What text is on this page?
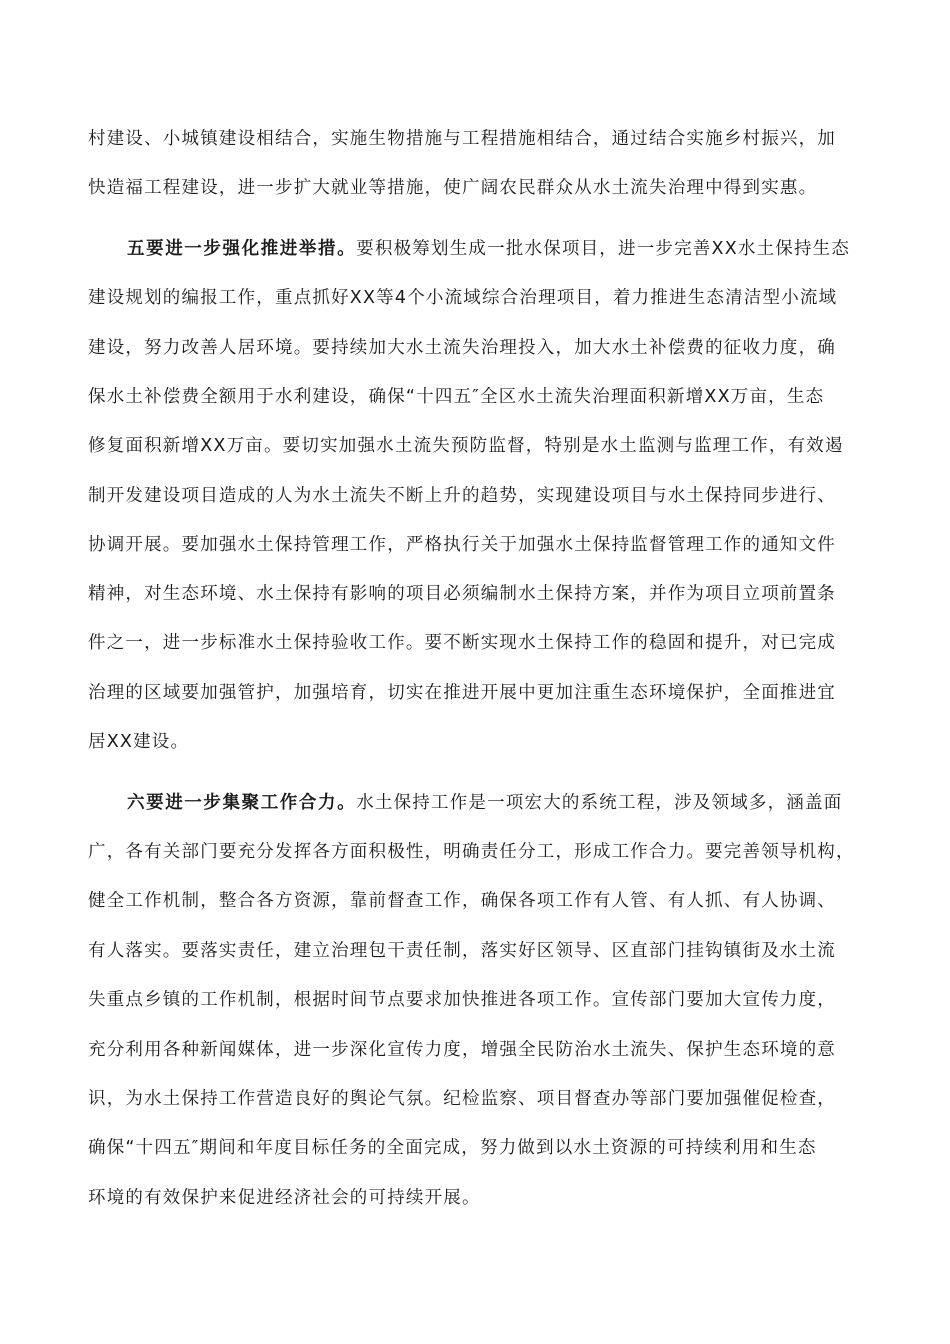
村建设、小城镇建设相结合，实施生物措施与工程措施相结合，通过结合实施乡村振兴，加
快造福工程建设，进一步扩大就业等措施，使广阔农民群众从水土流失治理中得到实惠。
五要进一步强化推进举措。要积极筹划生成一批水保项目，进一步完善XX水土保持生态
建设规划的编报工作，重点抓好XX等4个小流域综合治理项目，着力推进生态清洁型小流域
建设，努力改善人居环境。要持续加大水土流失治理投入，加大水土补偿费的征收力度，确
保水土补偿费全额用于水利建设，确保“十四五″全区水土流失治理面积新增XX万亩，生态
修复面积新增XX万亩。要切实加强水土流失预防监督，特别是水土监测与监理工作，有效遏
制开发建设项目造成的人为水土流失不断上升的趋势，实现建设项目与水土保持同步进行、
协调开展。要加强水土保持管理工作，严格执行关于加强水土保持监督管理工作的通知文件
精神，对生态环境、水土保持有影响的项目必须编制水土保持方案，并作为项目立项前置条
件之一，进一步标准水土保持验收工作。要不断实现水土保持工作的稳固和提升，对已完成
治理的区域要加强管护，加强培育，切实在推进开展中更加注重生态环境保护，全面推进宜
居XX建设。
六要进一步集聚工作合力。水土保持工作是一项宏大的系统工程，涉及领域多，涵盖面
广，各有关部门要充分发挥各方面积极性，明确责任分工，形成工作合力。要完善领导机构，
健全工作机制，整合各方资源，靠前督查工作，确保各项工作有人管、有人抓、有人协调、
有人落实。要落实责任，建立治理包干责任制，落实好区领导、区直部门挂钩镇街及水土流
失重点乡镇的工作机制，根据时间节点要求加快推进各项工作。宣传部门要加大宣传力度，
充分利用各种新闻媒体，进一步深化宣传力度，增强全民防治水土流失、保护生态环境的意
识，为水土保持工作营造良好的舆论气氛。纪检监察、项目督查办等部门要加强催促检查，
确保“十四五″期间和年度目标任务的全面完成，努力做到以水土资源的可持续利用和生态
环境的有效保护来促进经济社会的可持续开展。
